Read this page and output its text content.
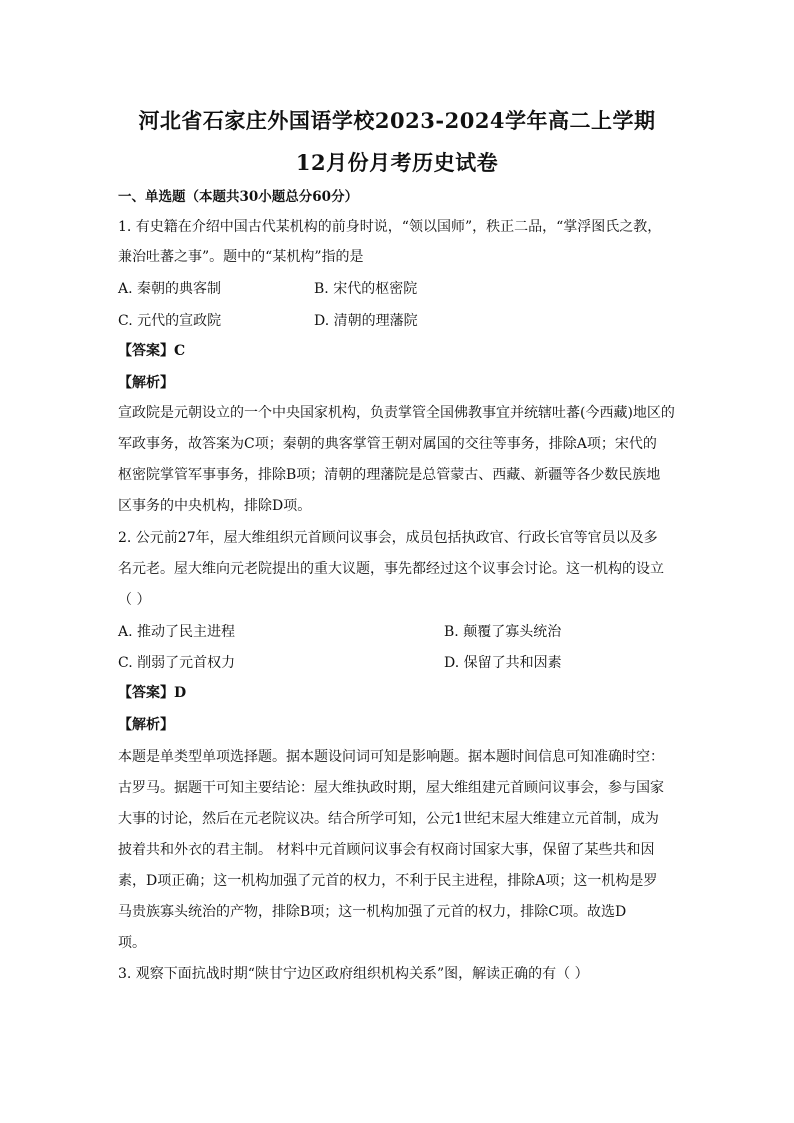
河北省石家庄外国语学校2023-2024学年高二上学期
12月份月考历史试卷
一、单选题（本题共30小题总分60分）
1. 有史籍在介绍中国古代某机构的前身时说，“领以国师”，秩正二品，“掌浮图氏之教，
兼治吐蕃之事”。题中的“某机构”指的是
A. 秦朝的典客制	B. 宋代的枢密院
C. 元代的宣政院	D. 清朝的理藩院
【答案】C
【解析】
宣政院是元朝设立的一个中央国家机构，负责掌管全国佛教事宜并统辖吐蕃(今西藏)地区的
军政事务，故答案为C项；秦朝的典客掌管王朝对属国的交往等事务，排除A项；宋代的
枢密院掌管军事事务，排除B项；清朝的理藩院是总管蒙古、西藏、新疆等各少数民族地
区事务的中央机构，排除D项。
2. 公元前27年，屋大维组织元首顾问议事会，成员包括执政官、行政长官等官员以及多
名元老。屋大维向元老院提出的重大议题，事先都经过这个议事会讨论。这一机构的设立
（ ）
A. 推动了民主进程	B. 颠覆了寡头统治
C. 削弱了元首权力	D. 保留了共和因素
【答案】D
【解析】
本题是单类型单项选择题。据本题设问词可知是影响题。据本题时间信息可知准确时空：
古罗马。据题干可知主要结论：屋大维执政时期，屋大维组建元首顾问议事会，参与国家
大事的讨论，然后在元老院议决。结合所学可知，公元1世纪末屋大维建立元首制，成为
披着共和外衣的君主制。 材料中元首顾问议事会有权商讨国家大事，保留了某些共和因
素，D项正确；这一机构加强了元首的权力，不利于民主进程，排除A项；这一机构是罗
马贵族寡头统治的产物，排除B项；这一机构加强了元首的权力，排除C项。故选D
项。
3. 观察下面抗战时期“陕甘宁边区政府组织机构关系”图，解读正确的有（ ）
